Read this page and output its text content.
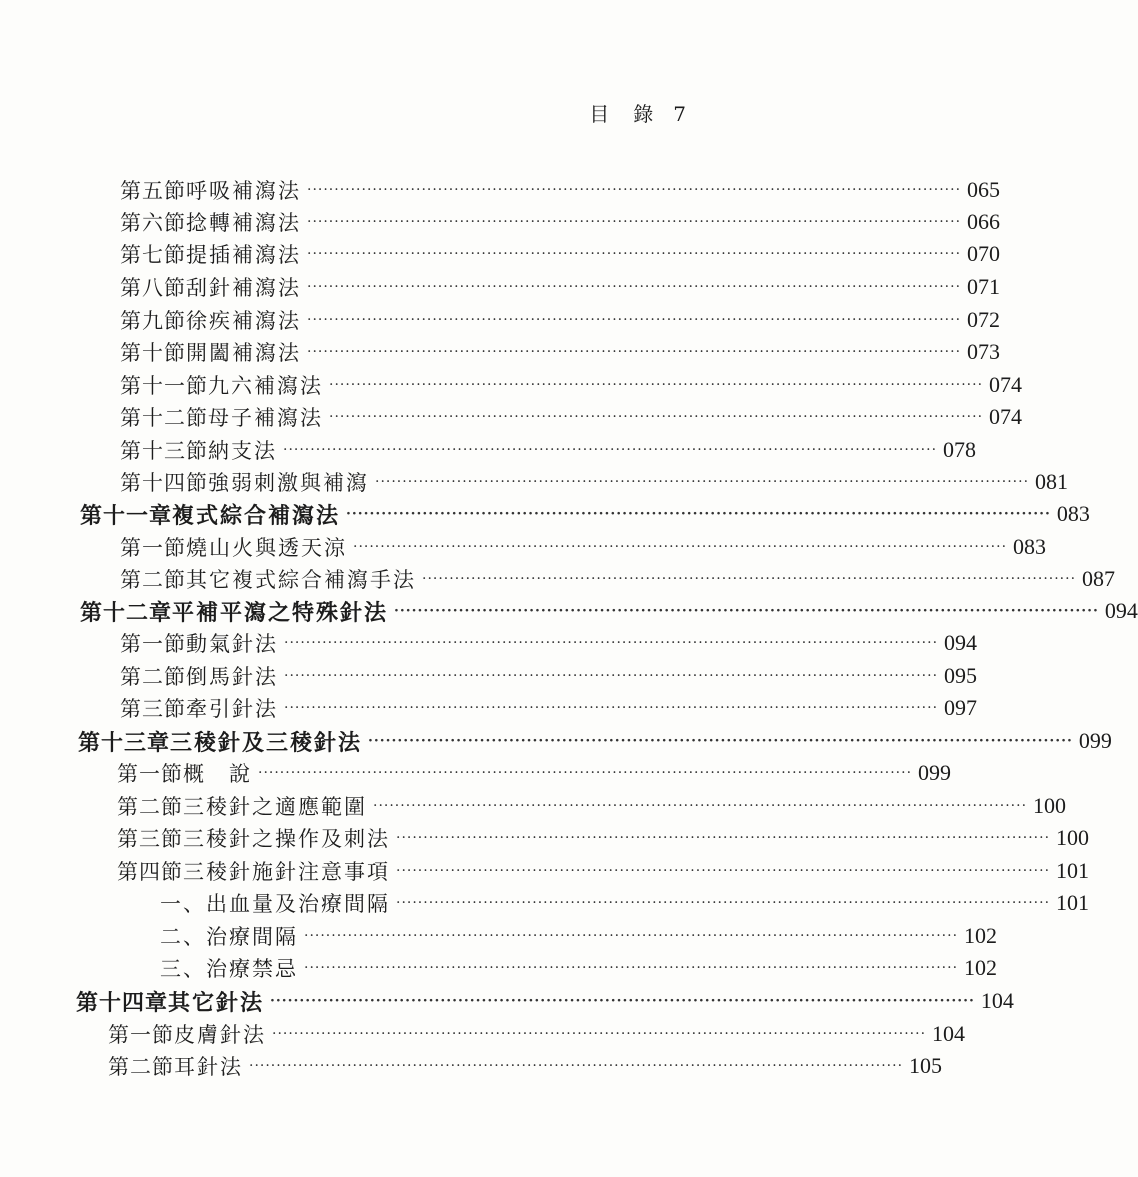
目　錄 7
第五節 呼吸補瀉法 ························································································································ 065
第六節 捻轉補瀉法 ························································································································ 066
第七節 提插補瀉法 ························································································································ 070
第八節 刮針補瀉法 ························································································································ 071
第九節 徐疾補瀉法 ························································································································ 072
第十節 開闔補瀉法 ························································································································ 073
第十一節 九六補瀉法 ························································································································ 074
第十二節 母子補瀉法 ························································································································ 074
第十三節 納支法 ························································································································ 078
第十四節 強弱刺激與補瀉 ························································································································ 081
第十一章 複式綜合補瀉法 ························································································································ 083
第一節 燒山火與透天涼 ························································································································ 083
第二節 其它複式綜合補瀉手法 ························································································································ 087
第十二章 平補平瀉之特殊針法 ························································································································ 094
第一節 動氣針法 ························································································································ 094
第二節 倒馬針法 ························································································································ 095
第三節 牽引針法 ························································································································ 097
第十三章 三稜針及三稜針法 ························································································································ 099
第一節 概　說 ························································································································ 099
第二節 三稜針之適應範圍 ························································································································ 100
第三節 三稜針之操作及刺法 ························································································································ 100
第四節 三稜針施針注意事項 ························································································································ 101
一、出血量及治療間隔 ························································································································ 101
二、治療間隔 ························································································································ 102
三、治療禁忌 ························································································································ 102
第十四章 其它針法 ························································································································ 104
第一節 皮膚針法 ························································································································ 104
第二節 耳針法 ························································································································ 105
